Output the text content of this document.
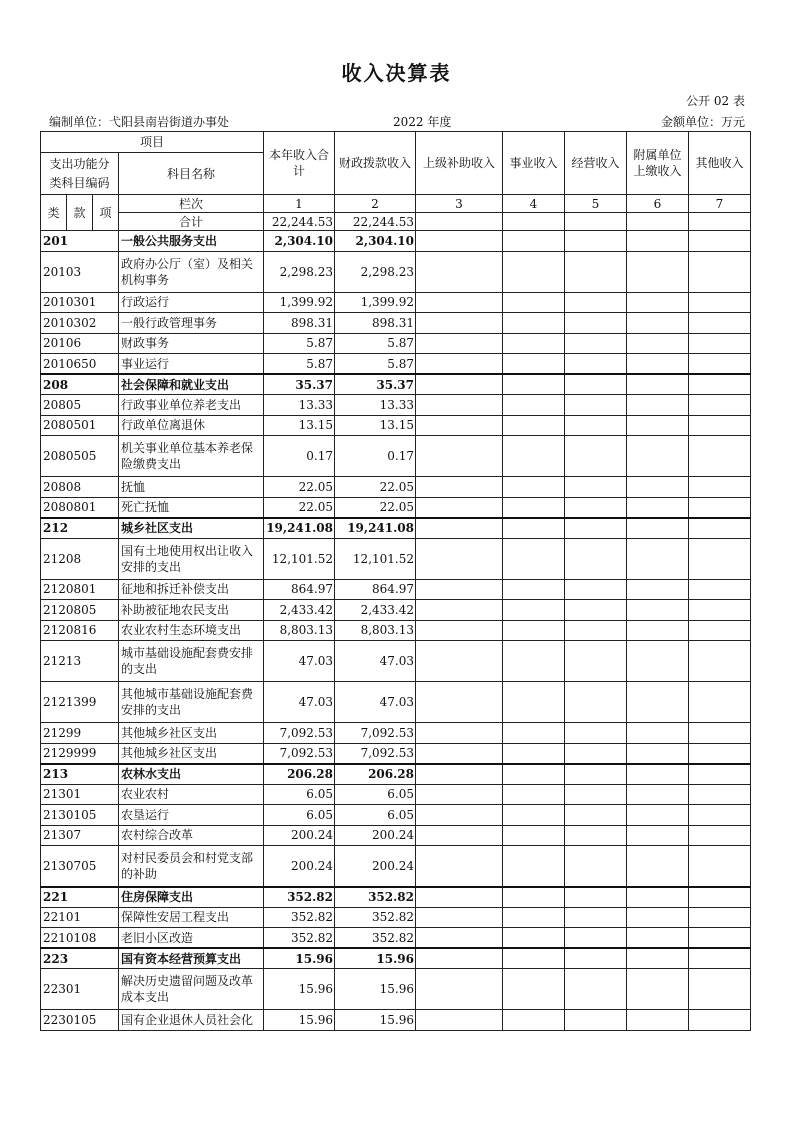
收入决算表
公开 02 表
编制单位：弋阳县南岩街道办事处	2022 年度	金额单位：万元
项目				本年收入合计	财政拨款收入	上级补助收入	事业收入	经营收入	附属单位上缴收入	其他收入
支出功能分
类科目编码			科目名称							
类	款	项	栏次	1	2	3	4	5	6	7
			合计	22,244.53	22,244.53					
201			一般公共服务支出	2,304.10	2,304.10					
20103			政府办公厅（室）及相关机构事务	2,298.23	2,298.23					
2010301			行政运行	1,399.92	1,399.92					
2010302			一般行政管理事务	898.31	898.31					
20106			财政事务	5.87	5.87					
2010650			事业运行	5.87	5.87					
208			社会保障和就业支出	35.37	35.37					
20805			行政事业单位养老支出	13.33	13.33					
2080501			行政单位离退休	13.15	13.15					
2080505			机关事业单位基本养老保险缴费支出	0.17	0.17					
20808			抚恤	22.05	22.05					
2080801			死亡抚恤	22.05	22.05					
212			城乡社区支出	19,241.08	19,241.08					
21208			国有土地使用权出让收入安排的支出	12,101.52	12,101.52					
2120801			征地和拆迁补偿支出	864.97	864.97					
2120805			补助被征地农民支出	2,433.42	2,433.42					
2120816			农业农村生态环境支出	8,803.13	8,803.13					
21213			城市基础设施配套费安排的支出	47.03	47.03					
2121399			其他城市基础设施配套费安排的支出	47.03	47.03					
21299			其他城乡社区支出	7,092.53	7,092.53					
2129999			其他城乡社区支出	7,092.53	7,092.53					
213			农林水支出	206.28	206.28					
21301			农业农村	6.05	6.05					
2130105			农垦运行	6.05	6.05					
21307			农村综合改革	200.24	200.24					
2130705			对村民委员会和村党支部的补助	200.24	200.24					
221			住房保障支出	352.82	352.82					
22101			保障性安居工程支出	352.82	352.82					
2210108			老旧小区改造	352.82	352.82					
223			国有资本经营预算支出	15.96	15.96					
22301			解决历史遗留问题及改革成本支出	15.96	15.96					
2230105			国有企业退休人员社会化	15.96	15.96					
